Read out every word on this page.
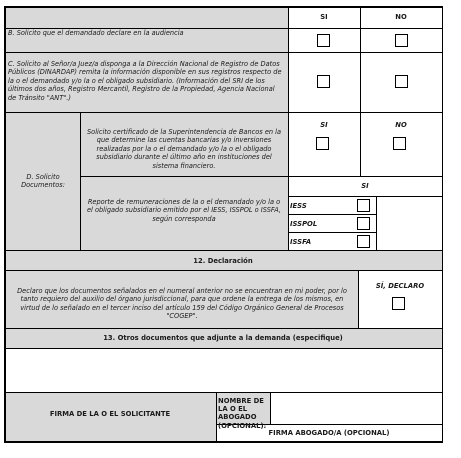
SI	NO
B. Solicito que el demandado declare en la audiencia
C. Solicito al Señor/a Juez/a disponga a la Dirección Nacional de Registro de Datos Públicos (DINARDAP) remita la información disponible en sus registros respecto de la o el demandado y/o la o el obligado subsidiario. (Información del SRI de los últimos dos años, Registro Mercantil, Registro de la Propiedad, Agencia Nacional de Tránsito "ANT".)
D. Solicito Documentos:
Solicito certificado de la Superintendencia de Bancos en la que determine las cuentas bancarias y/o inversiones realizadas por la o el demandado y/o la o el obligado subsidiario durante el último año en instituciones del sistema financiero.
SI	NO
Reporte de remuneraciones de la o el demandado y/o la o el obligado subsidiario emitido por el IESS, ISSPOL o ISSFA, según corresponda
SI
IESS
ISSPOL
ISSFA
12. Declaración
Declaro que los documentos señalados en el numeral anterior no se encuentran en mi poder, por lo tanto requiero del auxilio del órgano jurisdiccional, para que ordene la entrega de los mismos, en virtud de lo señalado en el tercer inciso del artículo 159 del Código Orgánico General de Procesos "COGEP".
SÍ, DECLARO
13. Otros documentos que adjunte a la demanda (especifique)
FIRMA DE LA O EL SOLICITANTE
NOMBRE DE LA O EL ABOGADO (OPCIONAL):
FIRMA ABOGADO/A (OPCIONAL)
